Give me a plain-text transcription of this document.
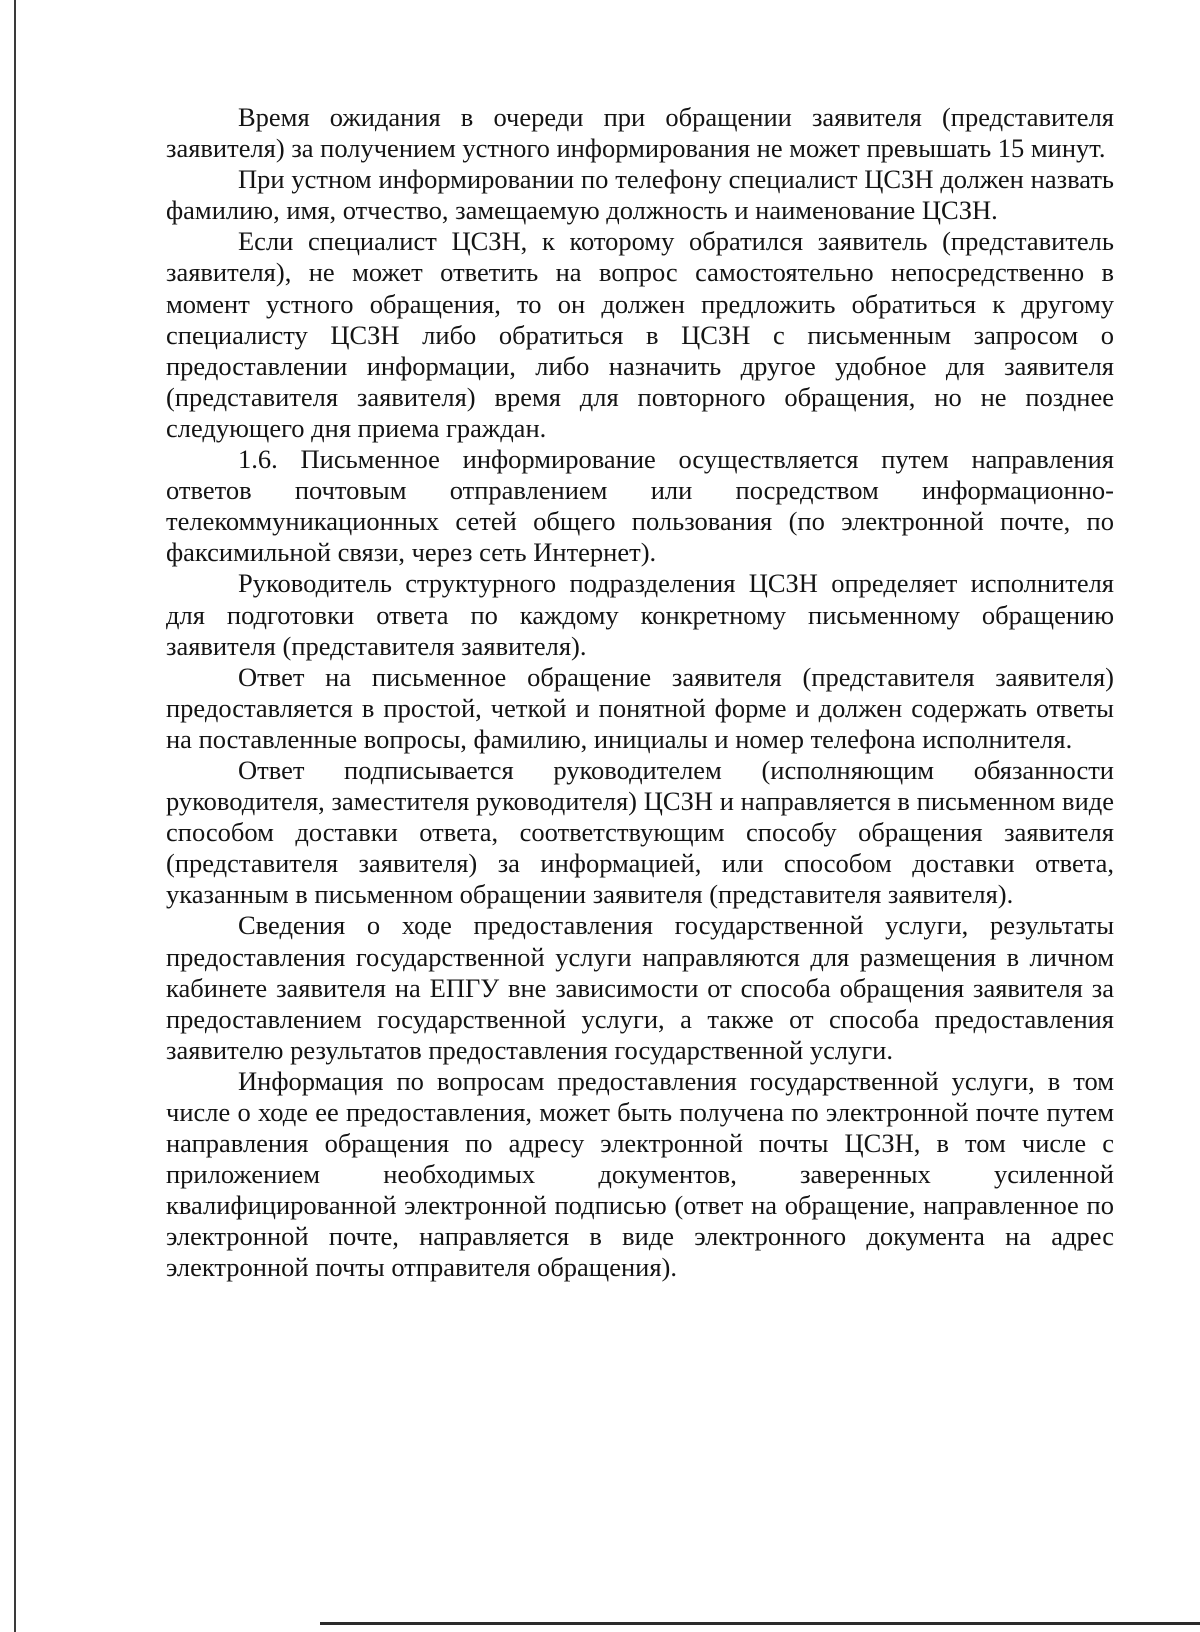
Время ожидания в очереди при обращении заявителя (представителя заявителя) за получением устного информирования не может превышать 15 минут.

При устном информировании по телефону специалист ЦСЗН должен назвать фамилию, имя, отчество, замещаемую должность и наименование ЦСЗН.

Если специалист ЦСЗН, к которому обратился заявитель (представитель заявителя), не может ответить на вопрос самостоятельно непосредственно в момент устного обращения, то он должен предложить обратиться к другому специалисту ЦСЗН либо обратиться в ЦСЗН с письменным запросом о предоставлении информации, либо назначить другое удобное для заявителя (представителя заявителя) время для повторного обращения, но не позднее следующего дня приема граждан.

1.6. Письменное информирование осуществляется путем направления ответов почтовым отправлением или посредством информационно-телекоммуникационных сетей общего пользования (по электронной почте, по факсимильной связи, через сеть Интернет).

Руководитель структурного подразделения ЦСЗН определяет исполнителя для подготовки ответа по каждому конкретному письменному обращению заявителя (представителя заявителя).

Ответ на письменное обращение заявителя (представителя заявителя) предоставляется в простой, четкой и понятной форме и должен содержать ответы на поставленные вопросы, фамилию, инициалы и номер телефона исполнителя.

Ответ подписывается руководителем (исполняющим обязанности руководителя, заместителя руководителя) ЦСЗН и направляется в письменном виде способом доставки ответа, соответствующим способу обращения заявителя (представителя заявителя) за информацией, или способом доставки ответа, указанным в письменном обращении заявителя (представителя заявителя).

Сведения о ходе предоставления государственной услуги, результаты предоставления государственной услуги направляются для размещения в личном кабинете заявителя на ЕПГУ вне зависимости от способа обращения заявителя за предоставлением государственной услуги, а также от способа предоставления заявителю результатов предоставления государственной услуги.

Информация по вопросам предоставления государственной услуги, в том числе о ходе ее предоставления, может быть получена по электронной почте путем направления обращения по адресу электронной почты ЦСЗН, в том числе с приложением необходимых документов, заверенных усиленной квалифицированной электронной подписью (ответ на обращение, направленное по электронной почте, направляется в виде электронного документа на адрес электронной почты отправителя обращения).
